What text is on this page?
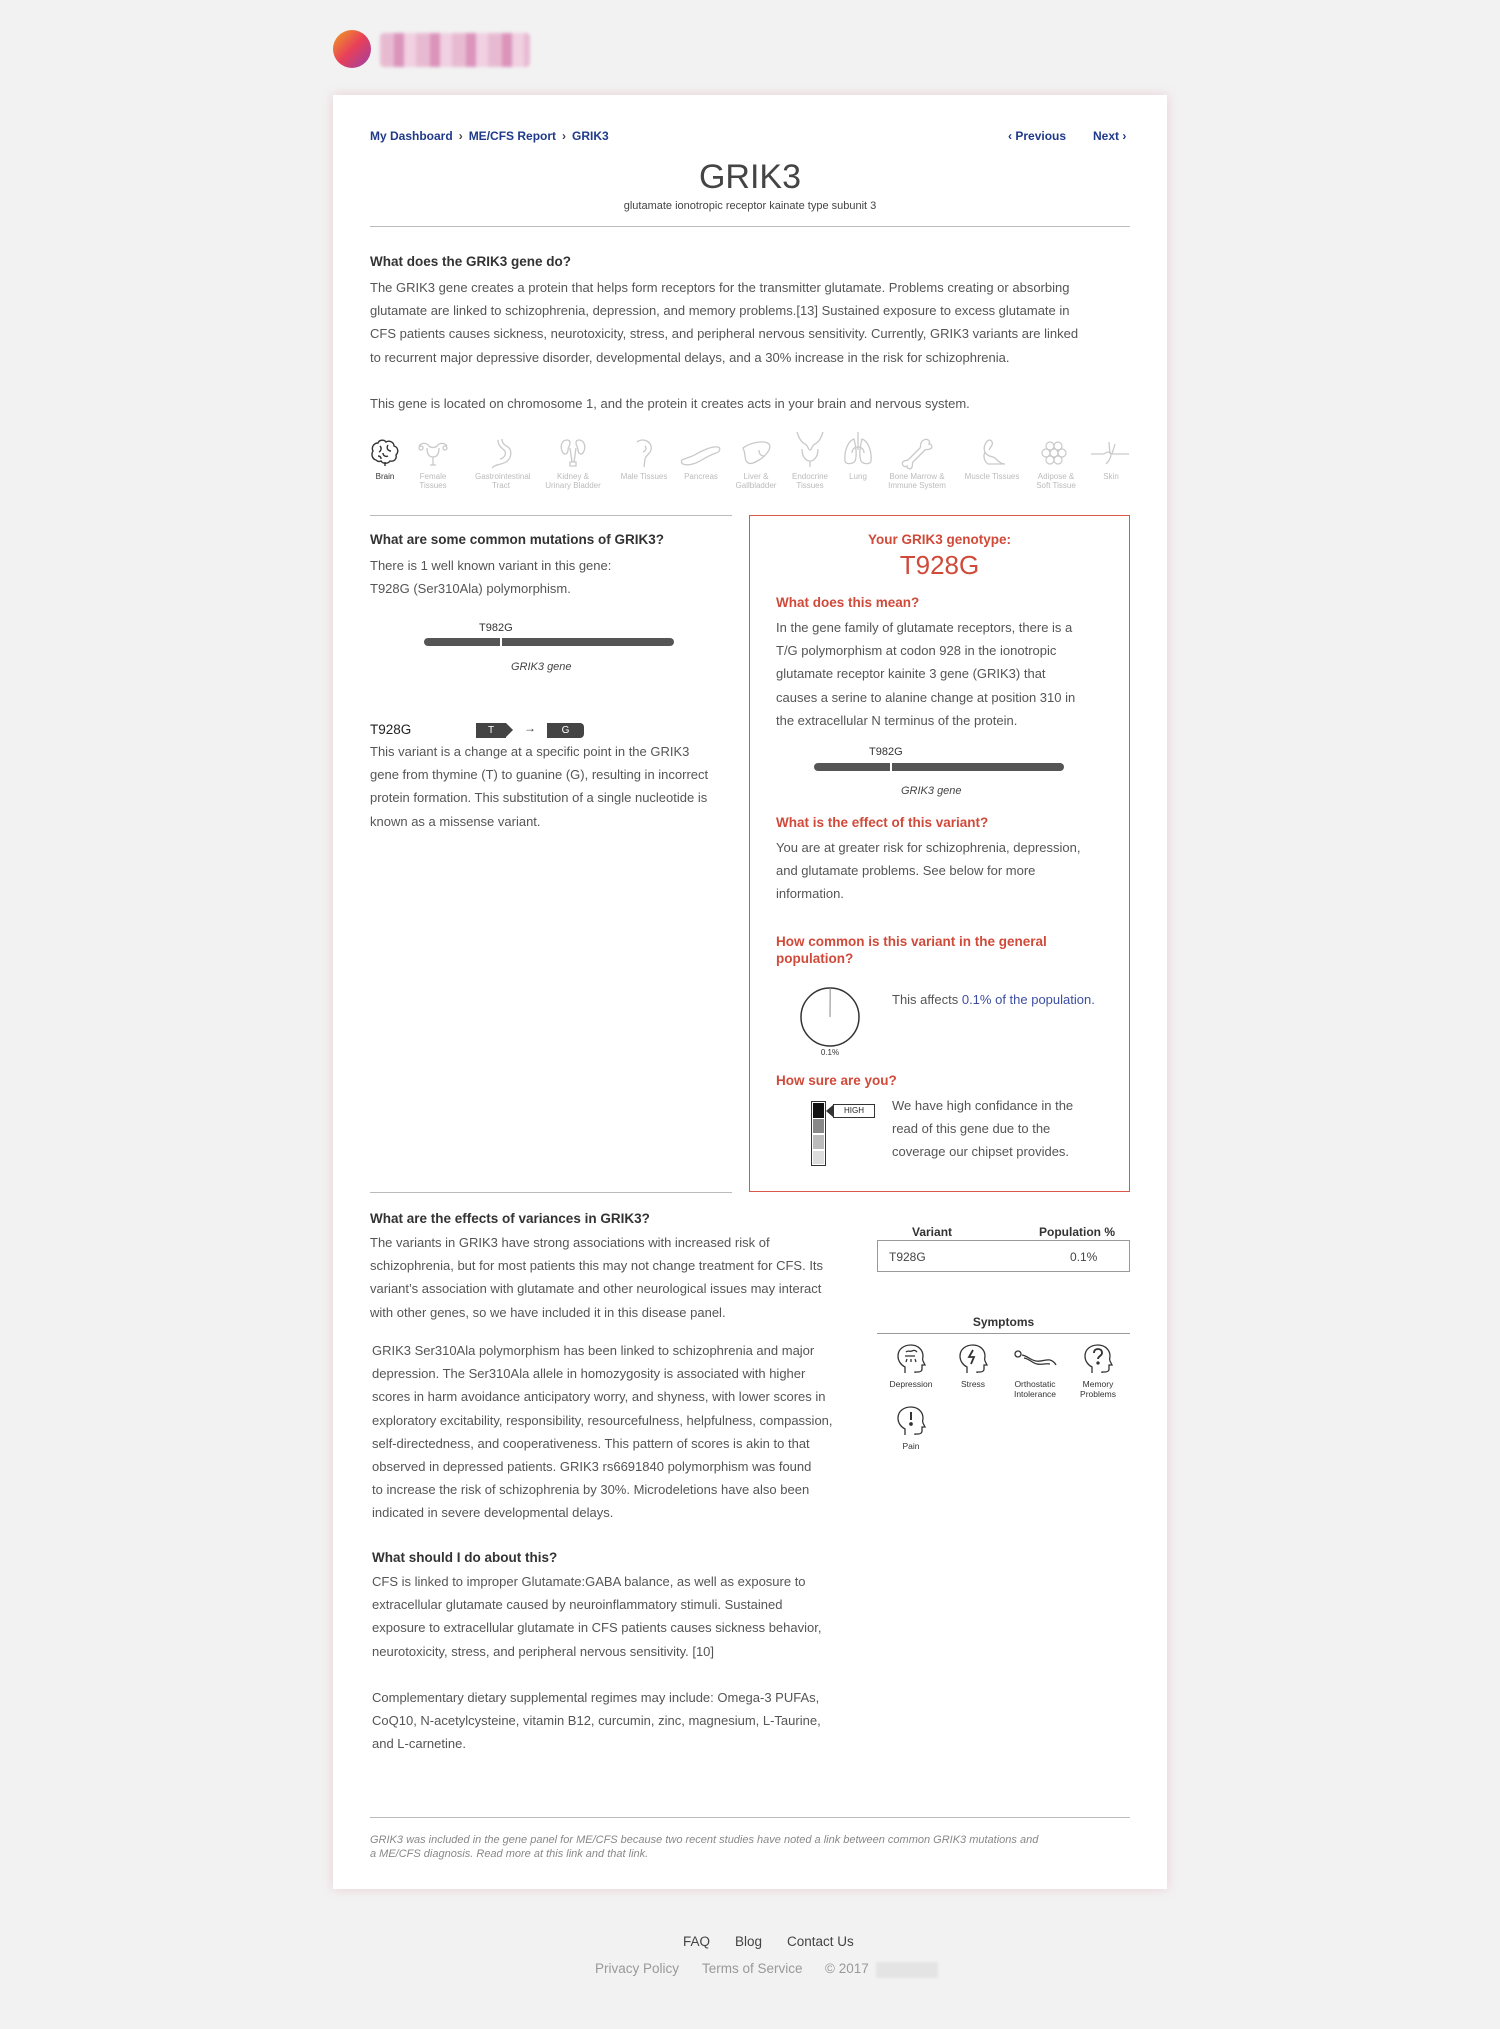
My Dashboard › ME/CFS Report › GRIK3	‹ Previous Next ›
GRIK3
glutamate ionotropic receptor kainate type subunit 3
What does the GRIK3 gene do?
The GRIK3 gene creates a protein that helps form receptors for the transmitter glutamate. Problems creating or absorbing
glutamate are linked to schizophrenia, depression, and memory problems.[13] Sustained exposure to excess glutamate in
CFS patients causes sickness, neurotoxicity, stress, and peripheral nervous sensitivity. Currently, GRIK3 variants are linked
to recurrent major depressive disorder, developmental delays, and a 30% increase in the risk for schizophrenia.
This gene is located on chromosome 1, and the protein it creates acts in your brain and nervous system.
Brain	Female
Tissues
Gastrointestinal
Tract
Kidney &
Urinary Bladder
Male Tissues	Pancreas	Liver &
Gallbladder
Endocrine
Tissues
Lung	Bone Marrow &
Immune System
Muscle Tissues	Adipose &
Soft Tissue
Skin

What are some common mutations of GRIK3?
There is 1 well known variant in this gene:
T928G (Ser310Ala) polymorphism.
T982G
GRIK3 gene
T928G	T	→	G
This variant is a change at a specific point in the GRIK3
gene from thymine (T) to guanine (G), resulting in incorrect
protein formation. This substitution of a single nucleotide is
known as a missense variant.
Your GRIK3 genotype:
T928G
What does this mean?
In the gene family of glutamate receptors, there is a
T/G polymorphism at codon 928 in the ionotropic
glutamate receptor kainite 3 gene (GRIK3) that
causes a serine to alanine change at position 310 in
the extracellular N terminus of the protein.
T982G
GRIK3 gene
What is the effect of this variant?
You are at greater risk for schizophrenia, depression,
and glutamate problems. See below for more
information.
How common is this variant in the general
population?
0.1%
This affects 0.1% of the population.
How sure are you?
HIGH	We have high confidance in the
read of this gene due to the
coverage our chipset provides.
What are the effects of variances in GRIK3?
The variants in GRIK3 have strong associations with increased risk of
schizophrenia, but for most patients this may not change treatment for CFS. Its
variant’s association with glutamate and other neurological issues may interact
with other genes, so we have included it in this disease panel.
GRIK3 Ser310Ala polymorphism has been linked to schizophrenia and major
depression. The Ser310Ala allele in homozygosity is associated with higher
scores in harm avoidance anticipatory worry, and shyness, with lower scores in
exploratory excitability, responsibility, resourcefulness, helpfulness, compassion,
self-directedness, and cooperativeness. This pattern of scores is akin to that
observed in depressed patients. GRIK3 rs6691840 polymorphism was found
to increase the risk of schizophrenia by 30%. Microdeletions have also been
indicated in severe developmental delays.
What should I do about this?
CFS is linked to improper Glutamate:GABA balance, as well as exposure to
extracellular glutamate caused by neuroinflammatory stimuli. Sustained
exposure to extracellular glutamate in CFS patients causes sickness behavior,
neurotoxicity, stress, and peripheral nervous sensitivity. [10]
Complementary dietary supplemental regimes may include: Omega-3 PUFAs,
CoQ10, N-acetylcysteine, vitamin B12, curcumin, zinc, magnesium, L-Taurine,
and L-carnetine.
Variant	Population %
T928G	0.1%
Symptoms
Depression	Stress	Orthostatic
Intolerance
Memory
Problems
Pain

GRIK3 was included in the gene panel for ME/CFS because two recent studies have noted a link between common GRIK3 mutations and
a ME/CFS diagnosis. Read more at this link and that link.
FAQ Blog Contact Us
Privacy Policy Terms of Service © 2017
